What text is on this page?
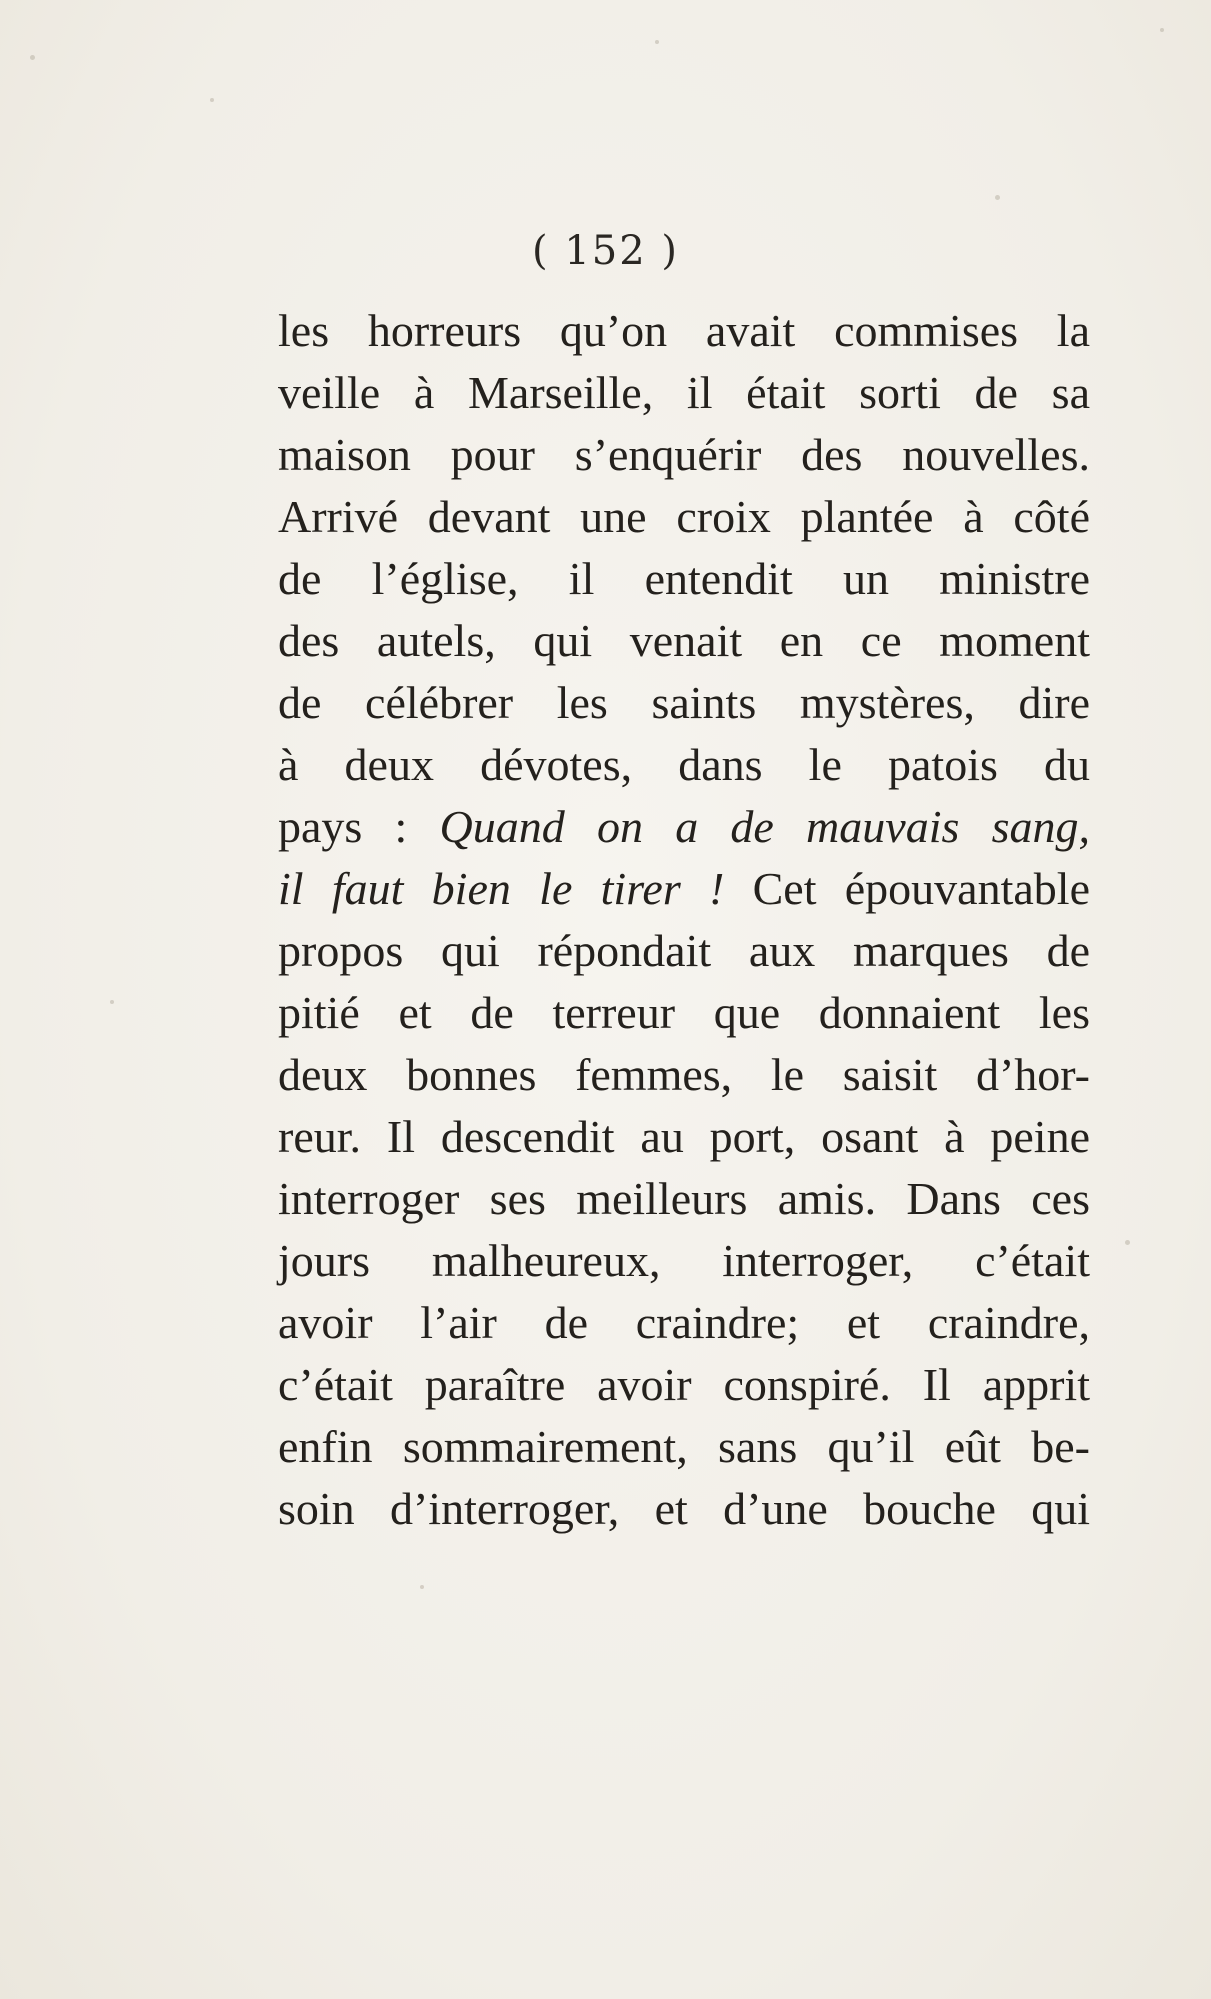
( 152 )
les horreurs qu’on avait commises la
veille à Marseille, il était sorti de sa
maison pour s’enquérir des nouvelles.
Arrivé devant une croix plantée à côté
de l’église, il entendit un ministre
des autels, qui venait en ce moment
de célébrer les saints mystères, dire
à deux dévotes, dans le patois du
pays : Quand on a de mauvais sang,
il faut bien le tirer ! Cet épouvantable
propos qui répondait aux marques de
pitié et de terreur que donnaient les
deux bonnes femmes, le saisit d’hor-
reur. Il descendit au port, osant à peine
interroger ses meilleurs amis. Dans ces
jours malheureux, interroger, c’était
avoir l’air de craindre; et craindre,
c’était paraître avoir conspiré. Il apprit
enfin sommairement, sans qu’il eût be-
soin d’interroger, et d’une bouche qui
